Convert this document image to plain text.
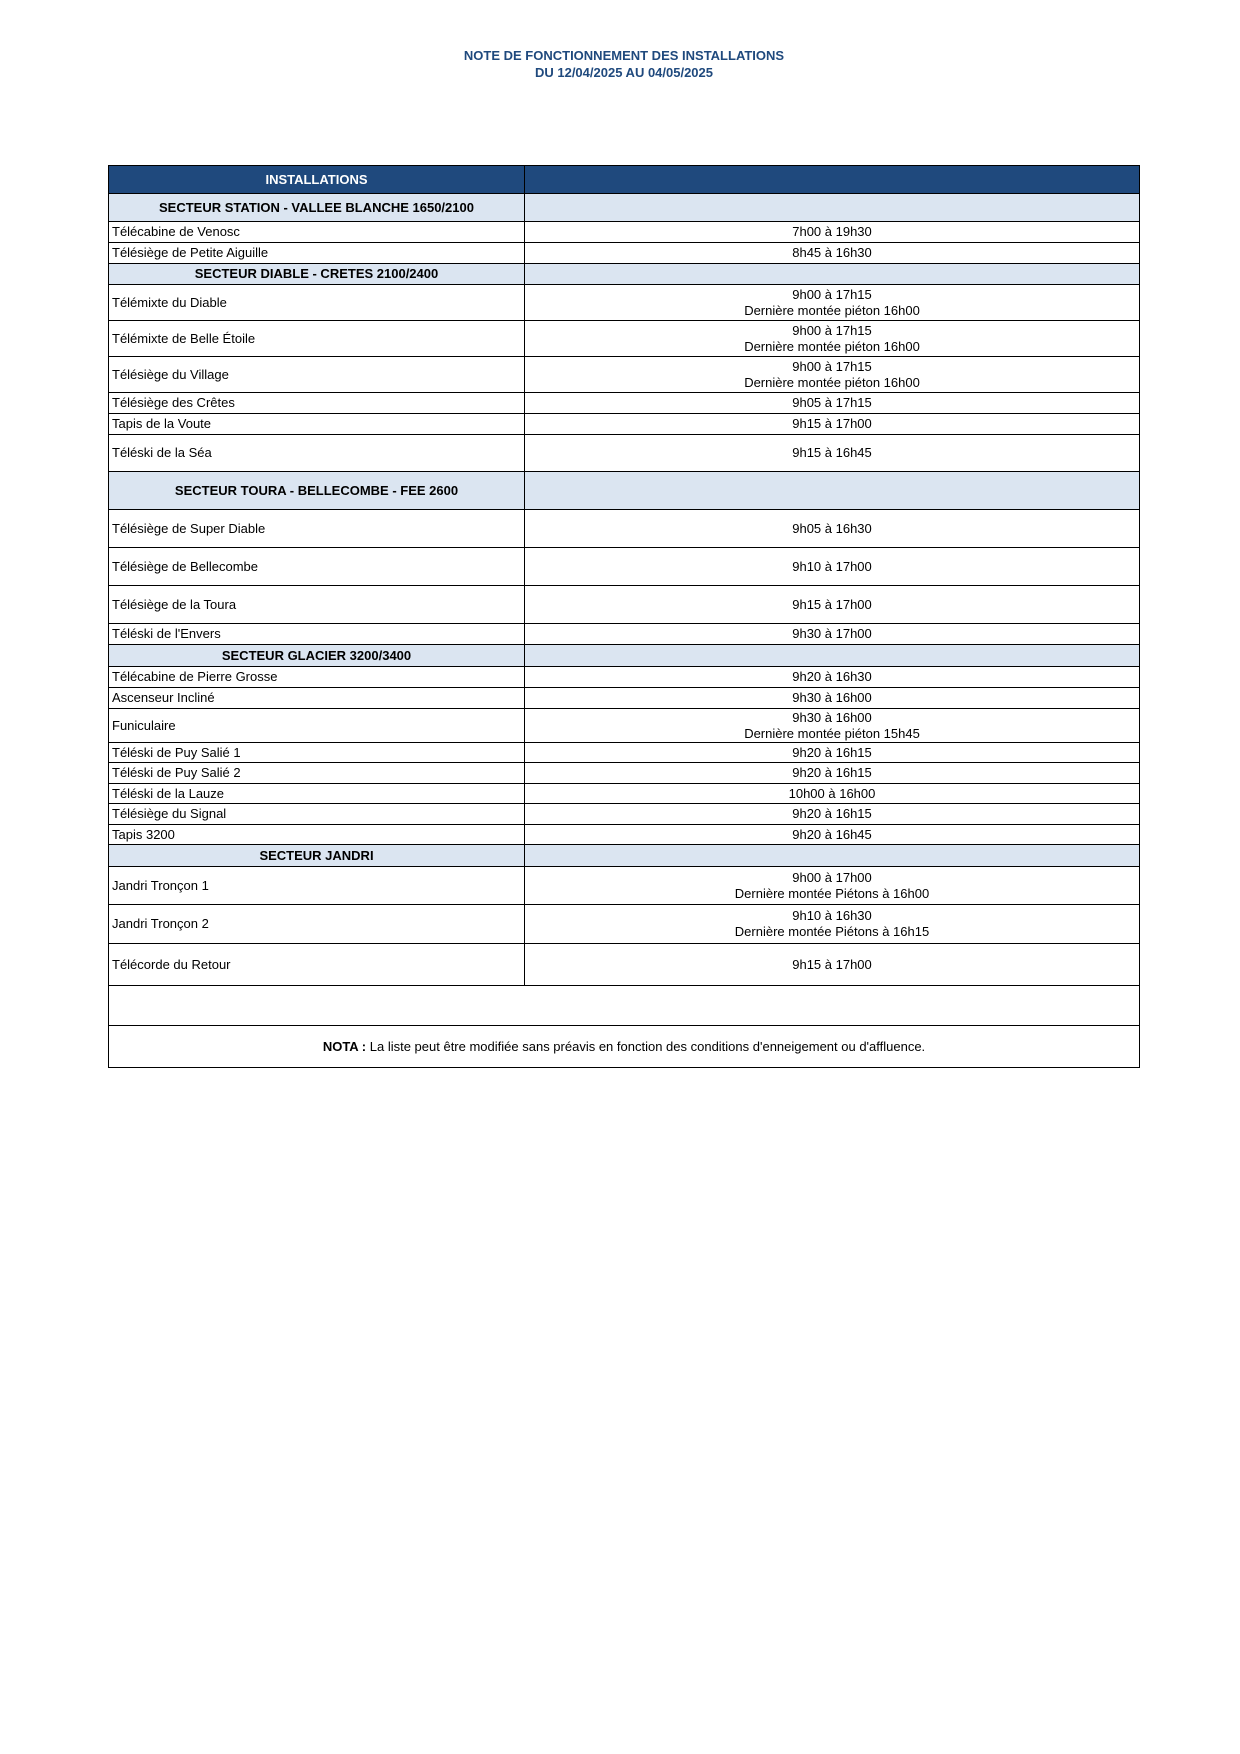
NOTE DE FONCTIONNEMENT DES INSTALLATIONS
DU 12/04/2025 AU 04/05/2025
INSTALLATIONS	
SECTEUR STATION - VALLEE BLANCHE 1650/2100	
Télécabine de Venosc	7h00 à 19h30

Télésiège de Petite Aiguille	8h45 à 16h30

SECTEUR DIABLE - CRETES 2100/2400	
Télémixte du Diable	9h00 à 17h15
Dernière montée piéton 16h00

Télémixte de Belle Étoile	9h00 à 17h15
Dernière montée piéton 16h00

Télésiège du Village	9h00 à 17h15
Dernière montée piéton 16h00

Télésiège des Crêtes	9h05 à 17h15

Tapis de la Voute	9h15 à 17h00

Téléski de la Séa	9h15 à 16h45

SECTEUR TOURA - BELLECOMBE - FEE 2600	
Télésiège de Super Diable	9h05 à 16h30

Télésiège de Bellecombe	9h10 à 17h00

Télésiège de la Toura	9h15 à 17h00

Téléski de l'Envers	9h30 à 17h00

SECTEUR GLACIER 3200/3400	
Télécabine de Pierre Grosse	9h20 à 16h30

Ascenseur Incliné	9h30 à 16h00

Funiculaire	9h30 à 16h00
Dernière montée piéton 15h45

Téléski de Puy Salié 1	9h20 à 16h15

Téléski de Puy Salié 2	9h20 à 16h15

Téléski de la Lauze	10h00 à 16h00

Télésiège du Signal	9h20 à 16h15

Tapis 3200	9h20 à 16h45

SECTEUR JANDRI	
Jandri Tronçon 1	9h00 à 17h00
Dernière montée Piétons à 16h00

Jandri Tronçon 2	9h10 à 16h30
Dernière montée Piétons à 16h15

Télécorde du Retour	9h15 à 17h00

NOTA : La liste peut être modifiée sans préavis en fonction des conditions d'enneigement ou d'affluence.	
